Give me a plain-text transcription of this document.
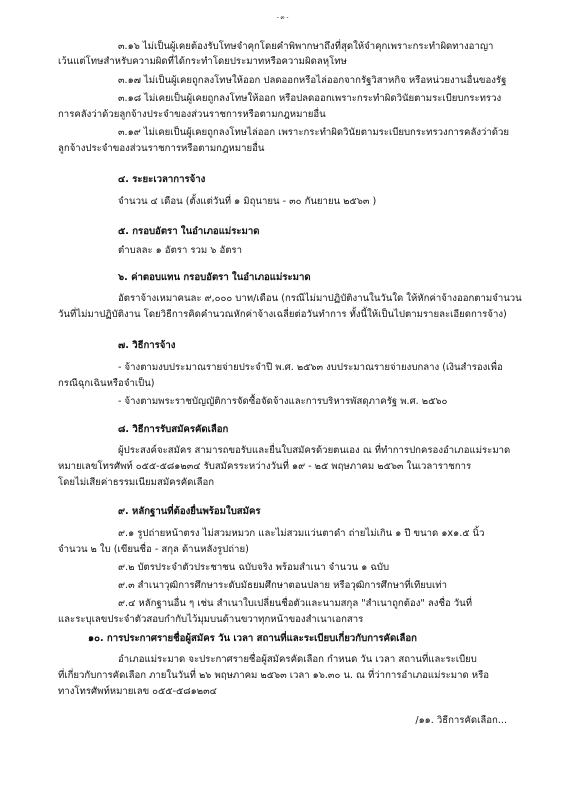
- ๓ -
๓.๑๖ ไม่เป็นผู้เคยต้องรับโทษจำคุกโดยคำพิพากษาถึงที่สุดให้จำคุกเพราะกระทำผิดทางอาญา
เว้นแต่โทษสำหรับความผิดที่ได้กระทำโดยประมาทหรือความผิดลหุโทษ
๓.๑๗ ไม่เป็นผู้เคยถูกลงโทษให้ออก ปลดออกหรือไล่ออกจากรัฐวิสาหกิจ หรือหน่วยงานอื่นของรัฐ
๓.๑๘ ไม่เคยเป็นผู้เคยถูกลงโทษให้ออก หรือปลดออกเพราะกระทำผิดวินัยตามระเบียบกระทรวง
การคลังว่าด้วยลูกจ้างประจำของส่วนราชการหรือตามกฎหมายอื่น
๓.๑๙ ไม่เคยเป็นผู้เคยถูกลงโทษไล่ออก เพราะกระทำผิดวินัยตามระเบียบกระทรวงการคลังว่าด้วย
ลูกจ้างประจำของส่วนราชการหรือตามกฎหมายอื่น
๔. ระยะเวลาการจ้าง
จำนวน ๔ เดือน (ตั้งแต่วันที่ ๑ มิถุนายน - ๓๐ กันยายน ๒๕๖๓ )
๕. กรอบอัตรา ในอำเภอแม่ระมาด
ตำบลละ ๑ อัตรา รวม ๖ อัตรา
๖. ค่าตอบแทน กรอบอัตรา ในอำเภอแม่ระมาด
อัตราจ้างเหมาคนละ ๙,๐๐๐ บาท/เดือน (กรณีไม่มาปฏิบัติงานในวันใด ให้หักค่าจ้างออกตามจำนวน
วันที่ไม่มาปฏิบัติงาน โดยวิธีการคิดคำนวณหักค่าจ้างเฉลี่ยต่อวันทำการ ทั้งนี้ให้เป็นไปตามรายละเอียดการจ้าง)
๗. วิธีการจ้าง
- จ้างตามงบประมาณรายจ่ายประจำปี พ.ศ. ๒๕๖๓ งบประมาณรายจ่ายงบกลาง (เงินสำรองเพื่อ
กรณีฉุกเฉินหรือจำเป็น)
- จ้างตามพระราชบัญญัติการจัดซื้อจัดจ้างและการบริหารพัสดุภาครัฐ พ.ศ. ๒๕๖๐
๘. วิธีการรับสมัครคัดเลือก
ผู้ประสงค์จะสมัคร สามารถขอรับและยื่นใบสมัครด้วยตนเอง ณ ที่ทำการปกครองอำเภอแม่ระมาด
หมายเลขโทรศัพท์ ๐๕๕-๕๘๑๒๓๔ รับสมัครระหว่างวันที่ ๑๙ - ๒๕ พฤษภาคม ๒๕๖๓ ในเวลาราชการ
โดยไม่เสียค่าธรรมเนียมสมัครคัดเลือก
๙. หลักฐานที่ต้องยื่นพร้อมใบสมัคร
๙.๑ รูปถ่ายหน้าตรง ไม่สวมหมวก และไม่สวมแว่นตาดำ ถ่ายไม่เกิน ๑ ปี ขนาด ๑x๑.๕ นิ้ว
จำนวน ๒ ใบ (เขียนชื่อ - สกุล ด้านหลังรูปถ่าย)
๙.๒ บัตรประจำตัวประชาชน ฉบับจริง พร้อมสำเนา จำนวน ๑ ฉบับ
๙.๓ สำเนาวุฒิการศึกษาระดับมัธยมศึกษาตอนปลาย หรือวุฒิการศึกษาที่เทียบเท่า
๙.๔ หลักฐานอื่น ๆ เช่น สำเนาใบเปลี่ยนชื่อตัวและนามสกุล "สำเนาถูกต้อง" ลงชื่อ วันที่
และระบุเลขประจำตัวสอบกำกับไว้มุมบนด้านขวาทุกหน้าของสำเนาเอกสาร
๑๐. การประกาศรายชื่อผู้สมัคร วัน เวลา สถานที่และระเบียบเกี่ยวกับการคัดเลือก
อำเภอแม่ระมาด จะประกาศรายชื่อผู้สมัครคัดเลือก กำหนด วัน เวลา สถานที่และระเบียบ
ที่เกี่ยวกับการคัดเลือก ภายในวันที่ ๒๖ พฤษภาคม ๒๕๖๓ เวลา ๑๖.๓๐ น. ณ ที่ว่าการอำเภอแม่ระมาด หรือ
ทางโทรศัพท์หมายเลข ๐๕๕-๕๘๑๒๓๔
/๑๑. วิธีการคัดเลือก...
